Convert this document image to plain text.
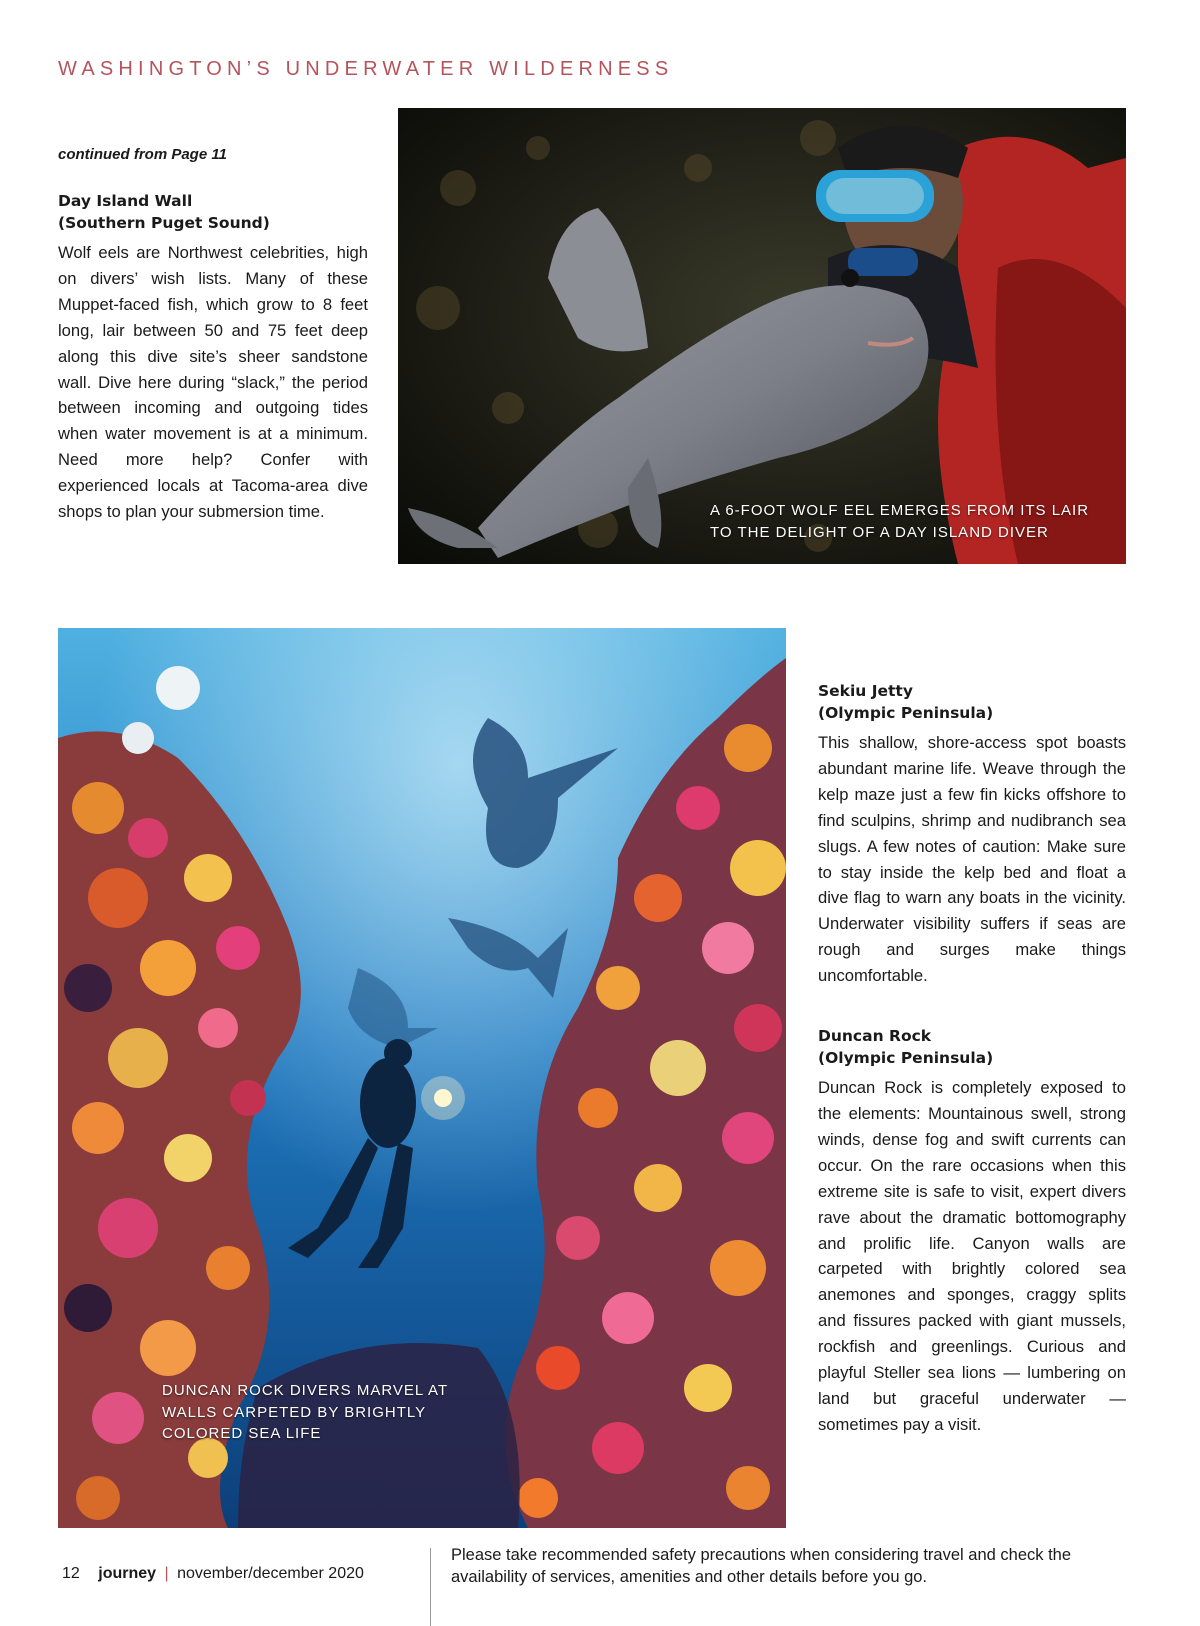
WASHINGTON’S UNDERWATER WILDERNESS
continued from Page 11
Day Island Wall
(Southern Puget Sound)

Wolf eels are Northwest celebrities, high on divers’ wish lists. Many of these Muppet-faced fish, which grow to 8 feet long, lair between 50 and 75 feet deep along this dive site’s sheer sandstone wall. Dive here during “slack,” the period between incoming and outgoing tides when water movement is at a minimum. Need more help? Confer with experienced locals at Tacoma-area dive shops to plan your submersion time.	A 6-FOOT WOLF EEL EMERGES FROM ITS LAIR
TO THE DELIGHT OF A DAY ISLAND DIVER
DUNCAN ROCK DIVERS MARVEL AT
WALLS CARPETED BY BRIGHTLY
COLORED SEA LIFE
Sekiu Jetty
(Olympic Peninsula)

This shallow, shore-access spot boasts abundant marine life. Weave through the kelp maze just a few fin kicks offshore to find sculpins, shrimp and nudibranch sea slugs. A few notes of caution: Make sure to stay inside the kelp bed and float a dive flag to warn any boats in the vicinity. Underwater visibility suffers if seas are rough and surges make things uncomfortable.

Duncan Rock
(Olympic Peninsula)

Duncan Rock is completely exposed to the elements: Mountainous swell, strong winds, dense fog and swift currents can occur. On the rare occasions when this extreme site is safe to visit, expert divers rave about the dramatic bottomography and prolific life. Canyon walls are carpeted with brightly colored sea anemones and sponges, craggy splits and fissures packed with giant mussels, rockfish and greenlings. Curious and playful Steller sea lions — lumbering on land but graceful underwater — sometimes pay a visit.

12 journey | november/december 2020
Please take recommended safety precautions when considering travel and check the availability of services, amenities and other details before you go.
